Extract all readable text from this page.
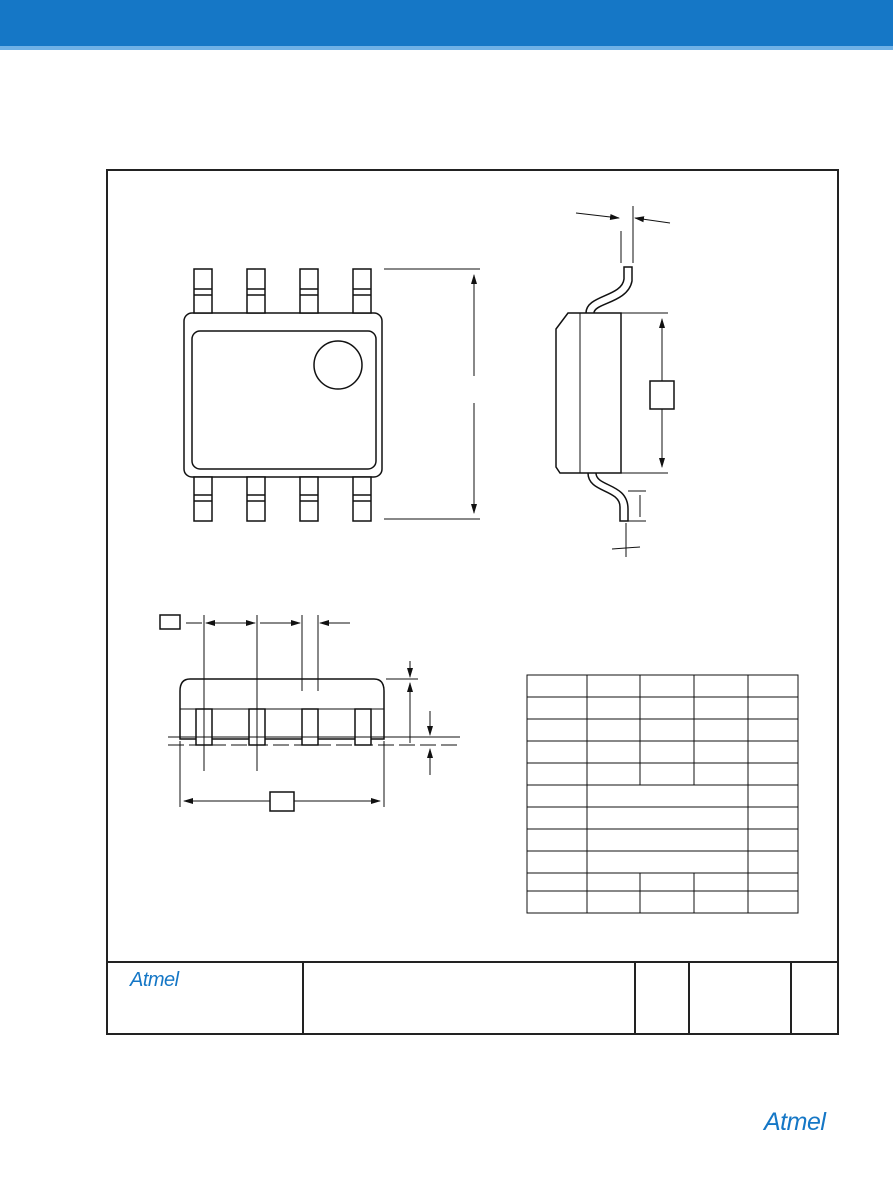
Atmel
Atmel
